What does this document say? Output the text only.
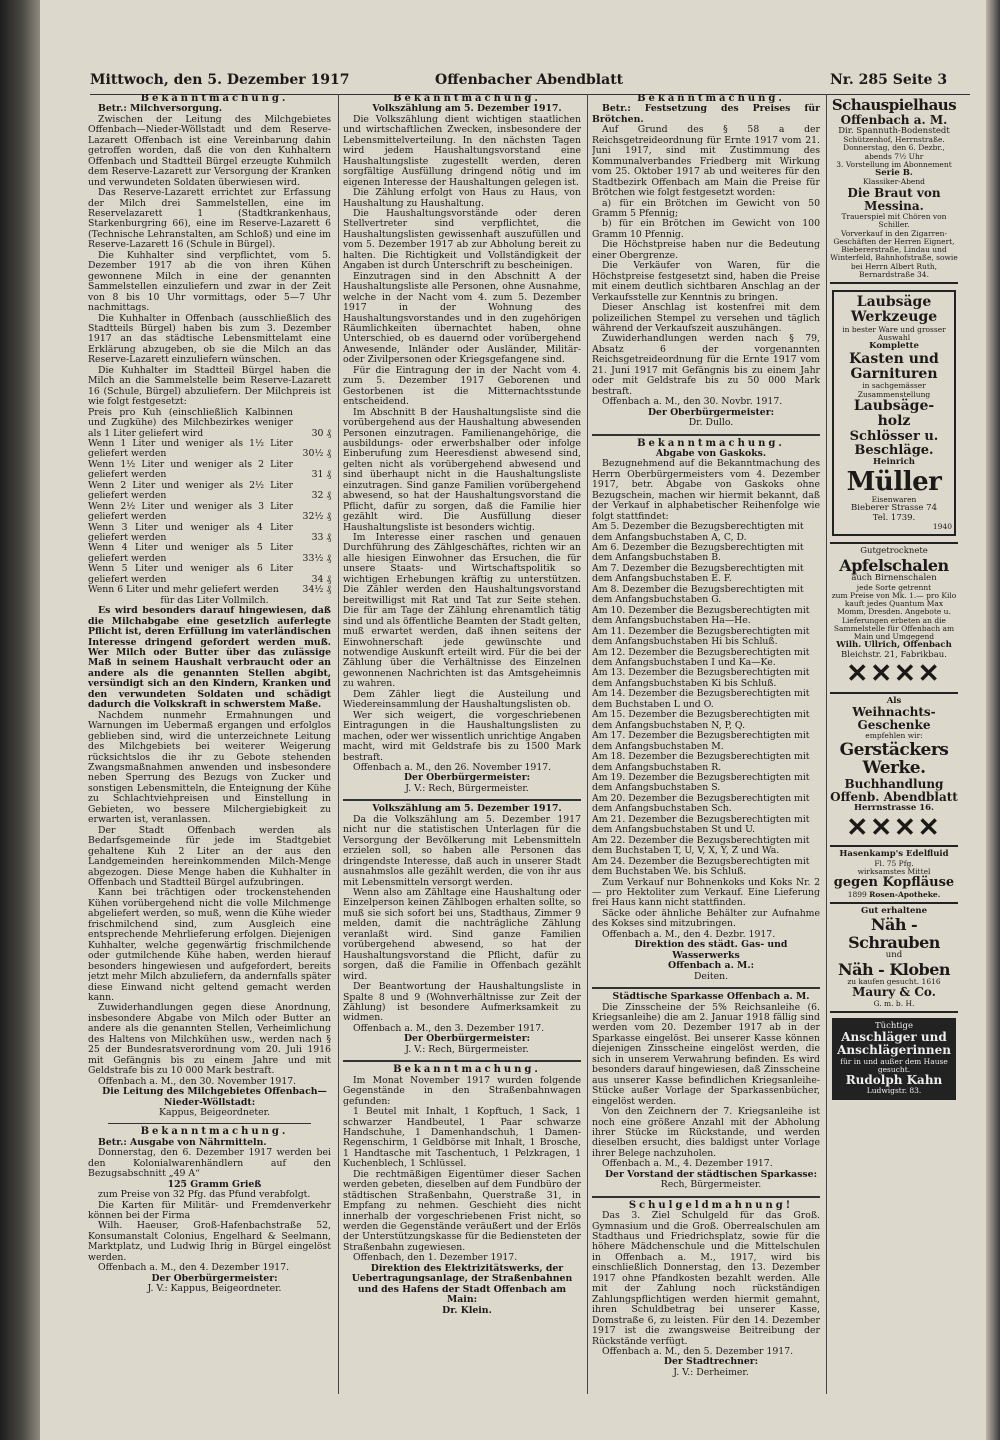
Mittwoch, den 5. Dezember 1917	Offenbacher Abendblatt	Nr. 285 Seite 3

Bekanntmachung.

Betr.: Milchversorgung.

Zwischen der Leitung des Milchgebietes Offenbach—Nieder-Wöllstadt und dem Reserve-Lazarett Offenbach ist eine Vereinbarung dahin getroffen worden, daß die von den Kuhhaltern Offenbach und Stadtteil Bürgel erzeugte Kuhmilch dem Reserve-Lazarett zur Versorgung der Kranken und verwundeten Soldaten überwiesen wird.

Das Reserve-Lazarett errichtet zur Erfassung der Milch drei Sammelstellen, eine im Reservelazarett 1 (Stadtkrankenhaus, Starkenburgring 66), eine im Reserve-Lazarett 6 (Technische Lehranstalten, am Schloß) und eine im Reserve-Lazarett 16 (Schule in Bürgel).

Die Kuhhalter sind verpflichtet, vom 5. Dezember 1917 ab die von ihren Kühen gewonnene Milch in eine der genannten Sammelstellen einzuliefern und zwar in der Zeit von 8 bis 10 Uhr vormittags, oder 5—7 Uhr nachmittags.

Die Kuhhalter in Offenbach (ausschließlich des Stadtteils Bürgel) haben bis zum 3. Dezember 1917 an das städtische Lebensmittelamt eine Erklärung abzugeben, ob sie die Milch an das Reserve-Lazarett einzuliefern wünschen.

Die Kuhhalter im Stadtteil Bürgel haben die Milch an die Sammelstelle beim Reserve-Lazarett 16 (Schule, Bürgel) abzuliefern. Der Milchpreis ist wie folgt festgesetzt:

Preis pro Kuh (einschließlich Kalbinnen und Zugkühe) des Milchbezirkes weniger als 1 Liter geliefert wird	30 ₰
Wenn 1 Liter und weniger als 1½ Liter geliefert werden	30½ ₰
Wenn 1½ Liter und weniger als 2 Liter geliefert werden	31 ₰
Wenn 2 Liter und weniger als 2½ Liter geliefert werden	32 ₰
Wenn 2½ Liter und weniger als 3 Liter geliefert werden	32½ ₰
Wenn 3 Liter und weniger als 4 Liter geliefert werden	33 ₰
Wenn 4 Liter und weniger als 5 Liter geliefert werden	33½ ₰
Wenn 5 Liter und weniger als 6 Liter geliefert werden	34 ₰
Wenn 6 Liter und mehr geliefert werden	34½ ₰

für das Liter Vollmilch.

Es wird besonders darauf hingewiesen, daß die Milchabgabe eine gesetzlich auferlegte Pflicht ist, deren Erfüllung im vaterländischen Interesse dringend gefordert werden muß. Wer Milch oder Butter über das zulässige Maß in seinem Haushalt verbraucht oder an andere als die genannten Stellen abgibt, versündigt sich an den Kindern, Kranken und den verwundeten Soldaten und schädigt dadurch die Volkskraft in schwerstem Maße.

Nachdem nunmehr Ermahnungen und Warnungen im Uebermaß ergangen und erfolglos geblieben sind, wird die unterzeichnete Leitung des Milchgebiets bei weiterer Weigerung rücksichtslos die ihr zu Gebote stehenden Zwangsmaßnahmen anwenden und insbesondere neben Sperrung des Bezugs von Zucker und sonstigen Lebensmitteln, die Enteignung der Kühe zu Schlachtviehpreisen und Einstellung in Gebieten, wo bessere Milchergiebigkeit zu erwarten ist, veranlassen.

Der Stadt Offenbach werden als Bedarfsgemeinde für jede im Stadtgebiet gehaltene Kuh 2 Liter an der aus den Landgemeinden hereinkommenden Milch-Menge abgezogen. Diese Menge haben die Kuhhalter in Offenbach und Stadtteil Bürgel aufzubringen.

Kann bei trächtigen oder trockenstehenden Kühen vorübergehend nicht die volle Milchmenge abgeliefert werden, so muß, wenn die Kühe wieder frischmilchend sind, zum Ausgleich eine entsprechende Mehrlieferung erfolgen. Diejenigen Kuhhalter, welche gegenwärtig frischmilchende oder gutmilchende Kühe haben, werden hierauf besonders hingewiesen und aufgefordert, bereits jetzt mehr Milch abzuliefern, da andernfalls später diese Einwand nicht geltend gemacht werden kann.

Zuwiderhandlungen gegen diese Anordnung, insbesondere Abgabe von Milch oder Butter an andere als die genannten Stellen, Verheimlichung des Haltens von Milchkühen usw., werden nach § 25 der Bundesratsverordnung vom 20. Juli 1916 mit Gefängnis bis zu einem Jahre und mit Geldstrafe bis zu 10 000 Mark bestraft.

Offenbach a. M., den 30. November 1917.

Die Leitung des Milchgebietes Offenbach—Nieder-Wöllstadt:

Kappus, Beigeordneter.

Bekanntmachung.

Betr.: Ausgabe von Nährmitteln.

Donnerstag, den 6. Dezember 1917 werden bei den Kolonialwarenhändlern auf den Bezugsabschnitt „49 A“

125 Gramm Grieß

zum Preise von 32 Pfg. das Pfund verabfolgt.

Die Karten für Militär- und Fremdenverkehr können bei der Firma

Wilh. Haeuser, Groß-Hafenbachstraße 52, Konsumanstalt Colonius, Engelhard & Seelmann, Marktplatz, und Ludwig Ihrig in Bürgel eingelöst werden.

Offenbach a. M., den 4. Dezember 1917.

Der Oberbürgermeister:

J. V.: Kappus, Beigeordneter.

Bekanntmachung.

Volkszählung am 5. Dezember 1917.

Die Volkszählung dient wichtigen staatlichen und wirtschaftlichen Zwecken, insbesondere der Lebensmittelverteilung. In den nächsten Tagen wird jedem Haushaltungsvorstand eine Haushaltungsliste zugestellt werden, deren sorgfältige Ausfüllung dringend nötig und im eigenen Interesse der Haushaltungen gelegen ist.

Die Zählung erfolgt von Haus zu Haus, von Haushaltung zu Haushaltung.

Die Haushaltungsvorstände oder deren Stellvertreter sind verpflichtet, die Haushaltungslisten gewissenhaft auszufüllen und vom 5. Dezember 1917 ab zur Abholung bereit zu halten. Die Richtigkeit und Vollständigkeit der Angaben ist durch Unterschrift zu bescheinigen.

Einzutragen sind in den Abschnitt A der Haushaltungsliste alle Personen, ohne Ausnahme, welche in der Nacht vom 4. zum 5. Dezember 1917 in der Wohnung des Haushaltungsvorstandes und in den zugehörigen Räumlichkeiten übernachtet haben, ohne Unterschied, ob es dauernd oder vorübergehend Anwesende, Inländer oder Ausländer, Militär- oder Zivilpersonen oder Kriegsgefangene sind.

Für die Eintragung der in der Nacht vom 4. zum 5. Dezember 1917 Geborenen und Gestorbenen ist die Mitternachtsstunde entscheidend.

Im Abschnitt B der Haushaltungsliste sind die vorübergehend aus der Haushaltung abwesenden Personen einzutragen. Familienangehörige, die ausbildungs- oder erwerbshalber oder infolge Einberufung zum Heeresdienst abwesend sind, gelten nicht als vorübergehend abwesend und sind überhaupt nicht in die Haushaltungsliste einzutragen. Sind ganze Familien vorübergehend abwesend, so hat der Haushaltungsvorstand die Pflicht, dafür zu sorgen, daß die Familie hier gezählt wird. Die Ausfüllung dieser Haushaltungsliste ist besonders wichtig.

Im Interesse einer raschen und genauen Durchführung des Zählgeschäftes, richten wir an alle hiesigen Einwohner das Ersuchen, die für unsere Staats- und Wirtschaftspolitik so wichtigen Erhebungen kräftig zu unterstützen. Die Zähler werden den Haushaltungsvorstand bereitwilligst mit Rat und Tat zur Seite stehen. Die für am Tage der Zählung ehrenamtlich tätig sind und als öffentliche Beamten der Stadt gelten, muß erwartet werden, daß ihnen seitens der Einwohnerschaft jede gewünschte und notwendige Auskunft erteilt wird. Für die bei der Zählung über die Verhältnisse des Einzelnen gewonnenen Nachrichten ist das Amtsgeheimnis zu wahren.

Dem Zähler liegt die Austeilung und Wiedereinsammlung der Haushaltungslisten ob.

Wer sich weigert, die vorgeschriebenen Eintragungen in die Haushaltungslisten zu machen, oder wer wissentlich unrichtige Angaben macht, wird mit Geldstrafe bis zu 1500 Mark bestraft.

Offenbach a. M., den 26. November 1917.

Der Oberbürgermeister:

J. V.: Rech, Bürgermeister.

Volkszählung am 5. Dezember 1917.

Da die Volkszählung am 5. Dezember 1917 nicht nur die statistischen Unterlagen für die Versorgung der Bevölkerung mit Lebensmitteln erzielen soll, so haben alle Personen das dringendste Interesse, daß auch in unserer Stadt ausnahmslos alle gezählt werden, die von ihr aus mit Lebensmitteln versorgt werden.

Wenn also am Zähltage eine Haushaltung oder Einzelperson keinen Zählbogen erhalten sollte, so muß sie sich sofort bei uns, Stadthaus, Zimmer 9 melden, damit die nachträgliche Zählung veranlaßt wird. Sind ganze Familien vorübergehend abwesend, so hat der Haushaltungsvorstand die Pflicht, dafür zu sorgen, daß die Familie in Offenbach gezählt wird.

Der Beantwortung der Haushaltungsliste in Spalte 8 und 9 (Wohnverhältnisse zur Zeit der Zählung) ist besondere Aufmerksamkeit zu widmen.

Offenbach a. M., den 3. Dezember 1917.

Der Oberbürgermeister:

J. V.: Rech, Bürgermeister.

Bekanntmachung.

Im Monat November 1917 wurden folgende Gegenstände in den Straßenbahnwagen gefunden:

1 Beutel mit Inhalt, 1 Kopftuch, 1 Sack, 1 schwarzer Handbeutel, 1 Paar schwarze Handschuhe, 1 Damenhandschuh, 1 Damen-Regenschirm, 1 Geldbörse mit Inhalt, 1 Brosche, 1 Handtasche mit Taschentuch, 1 Pelzkragen, 1 Kuchenblech, 1 Schlüssel.

Die rechtmäßigen Eigentümer dieser Sachen werden gebeten, dieselben auf dem Fundbüro der städtischen Straßenbahn, Querstraße 31, in Empfang zu nehmen. Geschieht dies nicht innerhalb der vorgeschriebenen Frist nicht, so werden die Gegenstände veräußert und der Erlös der Unterstützungskasse für die Bediensteten der Straßenbahn zugewiesen.

Offenbach, den 1. Dezember 1917.

Direktion des Elektrizitätswerks, der Uebertragungsanlage, der Straßenbahnen und des Hafens der Stadt Offenbach am Main:

Dr. Klein.

Bekanntmachung.

Betr.: Festsetzung des Preises für Brötchen.

Auf Grund des § 58 a der Reichsgetreideordnung für Ernte 1917 vom 21. Juni 1917, sind mit Zustimmung des Kommunalverbandes Friedberg mit Wirkung vom 25. Oktober 1917 ab und weiteres für den Stadtbezirk Offenbach am Main die Preise für Brötchen wie folgt festgesetzt worden:

a) für ein Brötchen im Gewicht von 50 Gramm 5 Pfennig;

b) für ein Brötchen im Gewicht von 100 Gramm 10 Pfennig.

Die Höchstpreise haben nur die Bedeutung einer Obergrenze.

Die Verkäufer von Waren, für die Höchstpreise festgesetzt sind, haben die Preise mit einem deutlich sichtbaren Anschlag an der Verkaufsstelle zur Kenntnis zu bringen.

Dieser Anschlag ist kostenfrei mit dem polizeilichen Stempel zu versehen und täglich während der Verkaufszeit auszuhängen.

Zuwiderhandlungen werden nach § 79, Absatz 6 der vorgenannten Reichsgetreideordnung für die Ernte 1917 vom 21. Juni 1917 mit Gefängnis bis zu einem Jahr oder mit Geldstrafe bis zu 50 000 Mark bestraft.

Offenbach a. M., den 30. Novbr. 1917.

Der Oberbürgermeister:

Dr. Dullo.

Bekanntmachung.

Abgabe von Gaskoks.

Bezugnehmend auf die Bekanntmachung des Herrn Oberbürgermeisters vom 4. Dezember 1917, betr. Abgabe von Gaskoks ohne Bezugschein, machen wir hiermit bekannt, daß der Verkauf in alphabetischer Reihenfolge wie folgt stattfindet:

Am 5. Dezember die Bezugsberechtigten mit

dem Anfangsbuchstaben A, C, D.

Am 6. Dezember die Bezugsberechtigten mit

dem Anfangsbuchstaben B.

Am 7. Dezember die Bezugsberechtigten mit

dem Anfangsbuchstaben E. F.

Am 8. Dezember die Bezugsberechtigten mit

dem Anfangsbuchstaben G.

Am 10. Dezember die Bezugsberechtigten mit

dem Anfangsbuchstaben Ha—He.

Am 11. Dezember die Bezugsberechtigten mit

dem Anfangsbuchstaben Hi bis Schluß.

Am 12. Dezember die Bezugsberechtigten mit

dem Anfangsbuchstaben I und Ka—Ke.

Am 13. Dezember die Bezugsberechtigten mit

dem Anfangsbuchstaben Ki bis Schluß.

Am 14. Dezember die Bezugsberechtigten mit

dem Buchstaben L und O.

Am 15. Dezember die Bezugsberechtigten mit

dem Anfangsbuchstaben N, P, Q.

Am 17. Dezember die Bezugsberechtigten mit

dem Anfangsbuchstaben M.

Am 18. Dezember die Bezugsberechtigten mit

dem Anfangsbuchstaben R.

Am 19. Dezember die Bezugsberechtigten mit

dem Anfangsbuchstaben S.

Am 20. Dezember die Bezugsberechtigten mit

dem Anfangsbuchstaben Sch.

Am 21. Dezember die Bezugsberechtigten mit

dem Anfangsbuchstaben St und U.

Am 22. Dezember die Bezugsberechtigten mit

dem Buchstaben T, U, V, X, Y, Z und Wa.

Am 24. Dezember die Bezugsberechtigten mit

dem Buchstaben We. bis Schluß.

Zum Verkauf nur Bohnenkoks und Koks Nr. 2 — pro Hektoliter zum Verkauf. Eine Lieferung frei Haus kann nicht stattfinden.

Säcke oder ähnliche Behälter zur Aufnahme des Kokses sind mitzubringen.

Offenbach a. M., den 4. Dezbr. 1917.

Direktion des städt. Gas- und Wasserwerks

Offenbach a. M.:

Deiten.

Städtische Sparkasse Offenbach a. M.

Die Zinsscheine der 5% Reichsanleihe (6. Kriegsanleihe) die am 2. Januar 1918 fällig sind werden vom 20. Dezember 1917 ab in der Sparkasse eingelöst. Bei unserer Kasse können diejenigen Zinsscheine eingelöst werden, die sich in unserem Verwahrung befinden. Es wird besonders darauf hingewiesen, daß Zinsscheine aus unserer Kasse befindlichen Kriegsanleihe-Stücke außer Vorlage der Sparkassenbücher, eingelöst werden.

Von den Zeichnern der 7. Kriegsanleihe ist noch eine größere Anzahl mit der Abholung ihrer Stücke im Rückstande, und werden dieselben ersucht, dies baldigst unter Vorlage ihrer Belege nachzuholen.

Offenbach a. M., 4. Dezember 1917.

Der Vorstand der städtischen Sparkasse:

Rech, Bürgermeister.

Schulgeldmahnung!

Das 3. Ziel Schulgeld für das Groß. Gymnasium und die Groß. Oberrealschulen am Stadthaus und Friedrichsplatz, sowie für die höhere Mädchenschule und die Mittelschulen in Offenbach a. M., 1917, wird bis einschließlich Donnerstag, den 13. Dezember 1917 ohne Pfandkosten bezahlt werden. Alle mit der Zahlung noch rückständigen Zahlungspflichtigen werden hiermit gemahnt, ihren Schuldbetrag bei unserer Kasse, Domstraße 6, zu leisten. Für den 14. Dezember 1917 ist die zwangsweise Beitreibung der Rückstände verfügt.

Offenbach a. M., den 5. Dezember 1917.

Der Stadtrechner:

J. V.: Derheimer.

Schauspielhaus
Offenbach a. M.
Dir. Spannuth-Bodenstedt
Schützenhof, Herrnstraße.
Donnerstag, den 6. Dezbr., abends 7½ Uhr
3. Vorstellung im Abonnement
Serie B.
Klassiker-Abend
Die Braut von Messina.
Trauerspiel mit Chören von Schiller.
Vorverkauf in den Zigarren-Geschäften der Herren Eignert, Biebererstraße, Lindau und Winterfeld, Bahnhofstraße, sowie bei Herrn Albert Ruth, Bernardstraße 34.
Laubsäge
Werkzeuge
in bester Ware und grosser Auswahl
Komplette
Kasten und
Garnituren
in sachgemässer Zusammenstellung
Laubsäge-
holz
Schlösser u.
Beschläge.
Heinrich
Müller
Eisenwaren
Bieberer Strasse 74
Tel. 1739.
1940
Gutgetrocknete
Apfelschalen
auch Birnenschalen
jede Sorte getrennt
zum Preise von Mk. 1.— pro Kilo kauft jedes Quantum Max Momm, Dresden. Angebote u. Lieferungen erbeten an die Sammelstelle für Offenbach am Main und Umgegend
Wilh. Ullrich, Offenbach
Bleichstr. 21, Fabrikbau.
✕✕✕✕
Als
Weihnachts-Geschenke
empfehlen wir:
Gerstäckers
Werke.
Buchhandlung
Offenb. Abendblatt
Herrnstrasse 16.
✕✕✕✕
Hasenkamp's Edelfluid
Fl. 75 Pfg.
wirksamstes Mittel
gegen Kopfläuse
1899 Rosen-Apotheke.
Gut erhaltene
Näh - Schrauben
und
Näh - Kloben
zu kaufen gesucht. 1616
Maury & Co.
G. m. b. H.
Tüchtige
Anschläger und
Anschlägerinnen
für in und außer dem Hause gesucht.
Rudolph Kahn
Ludwigstr. 83.
